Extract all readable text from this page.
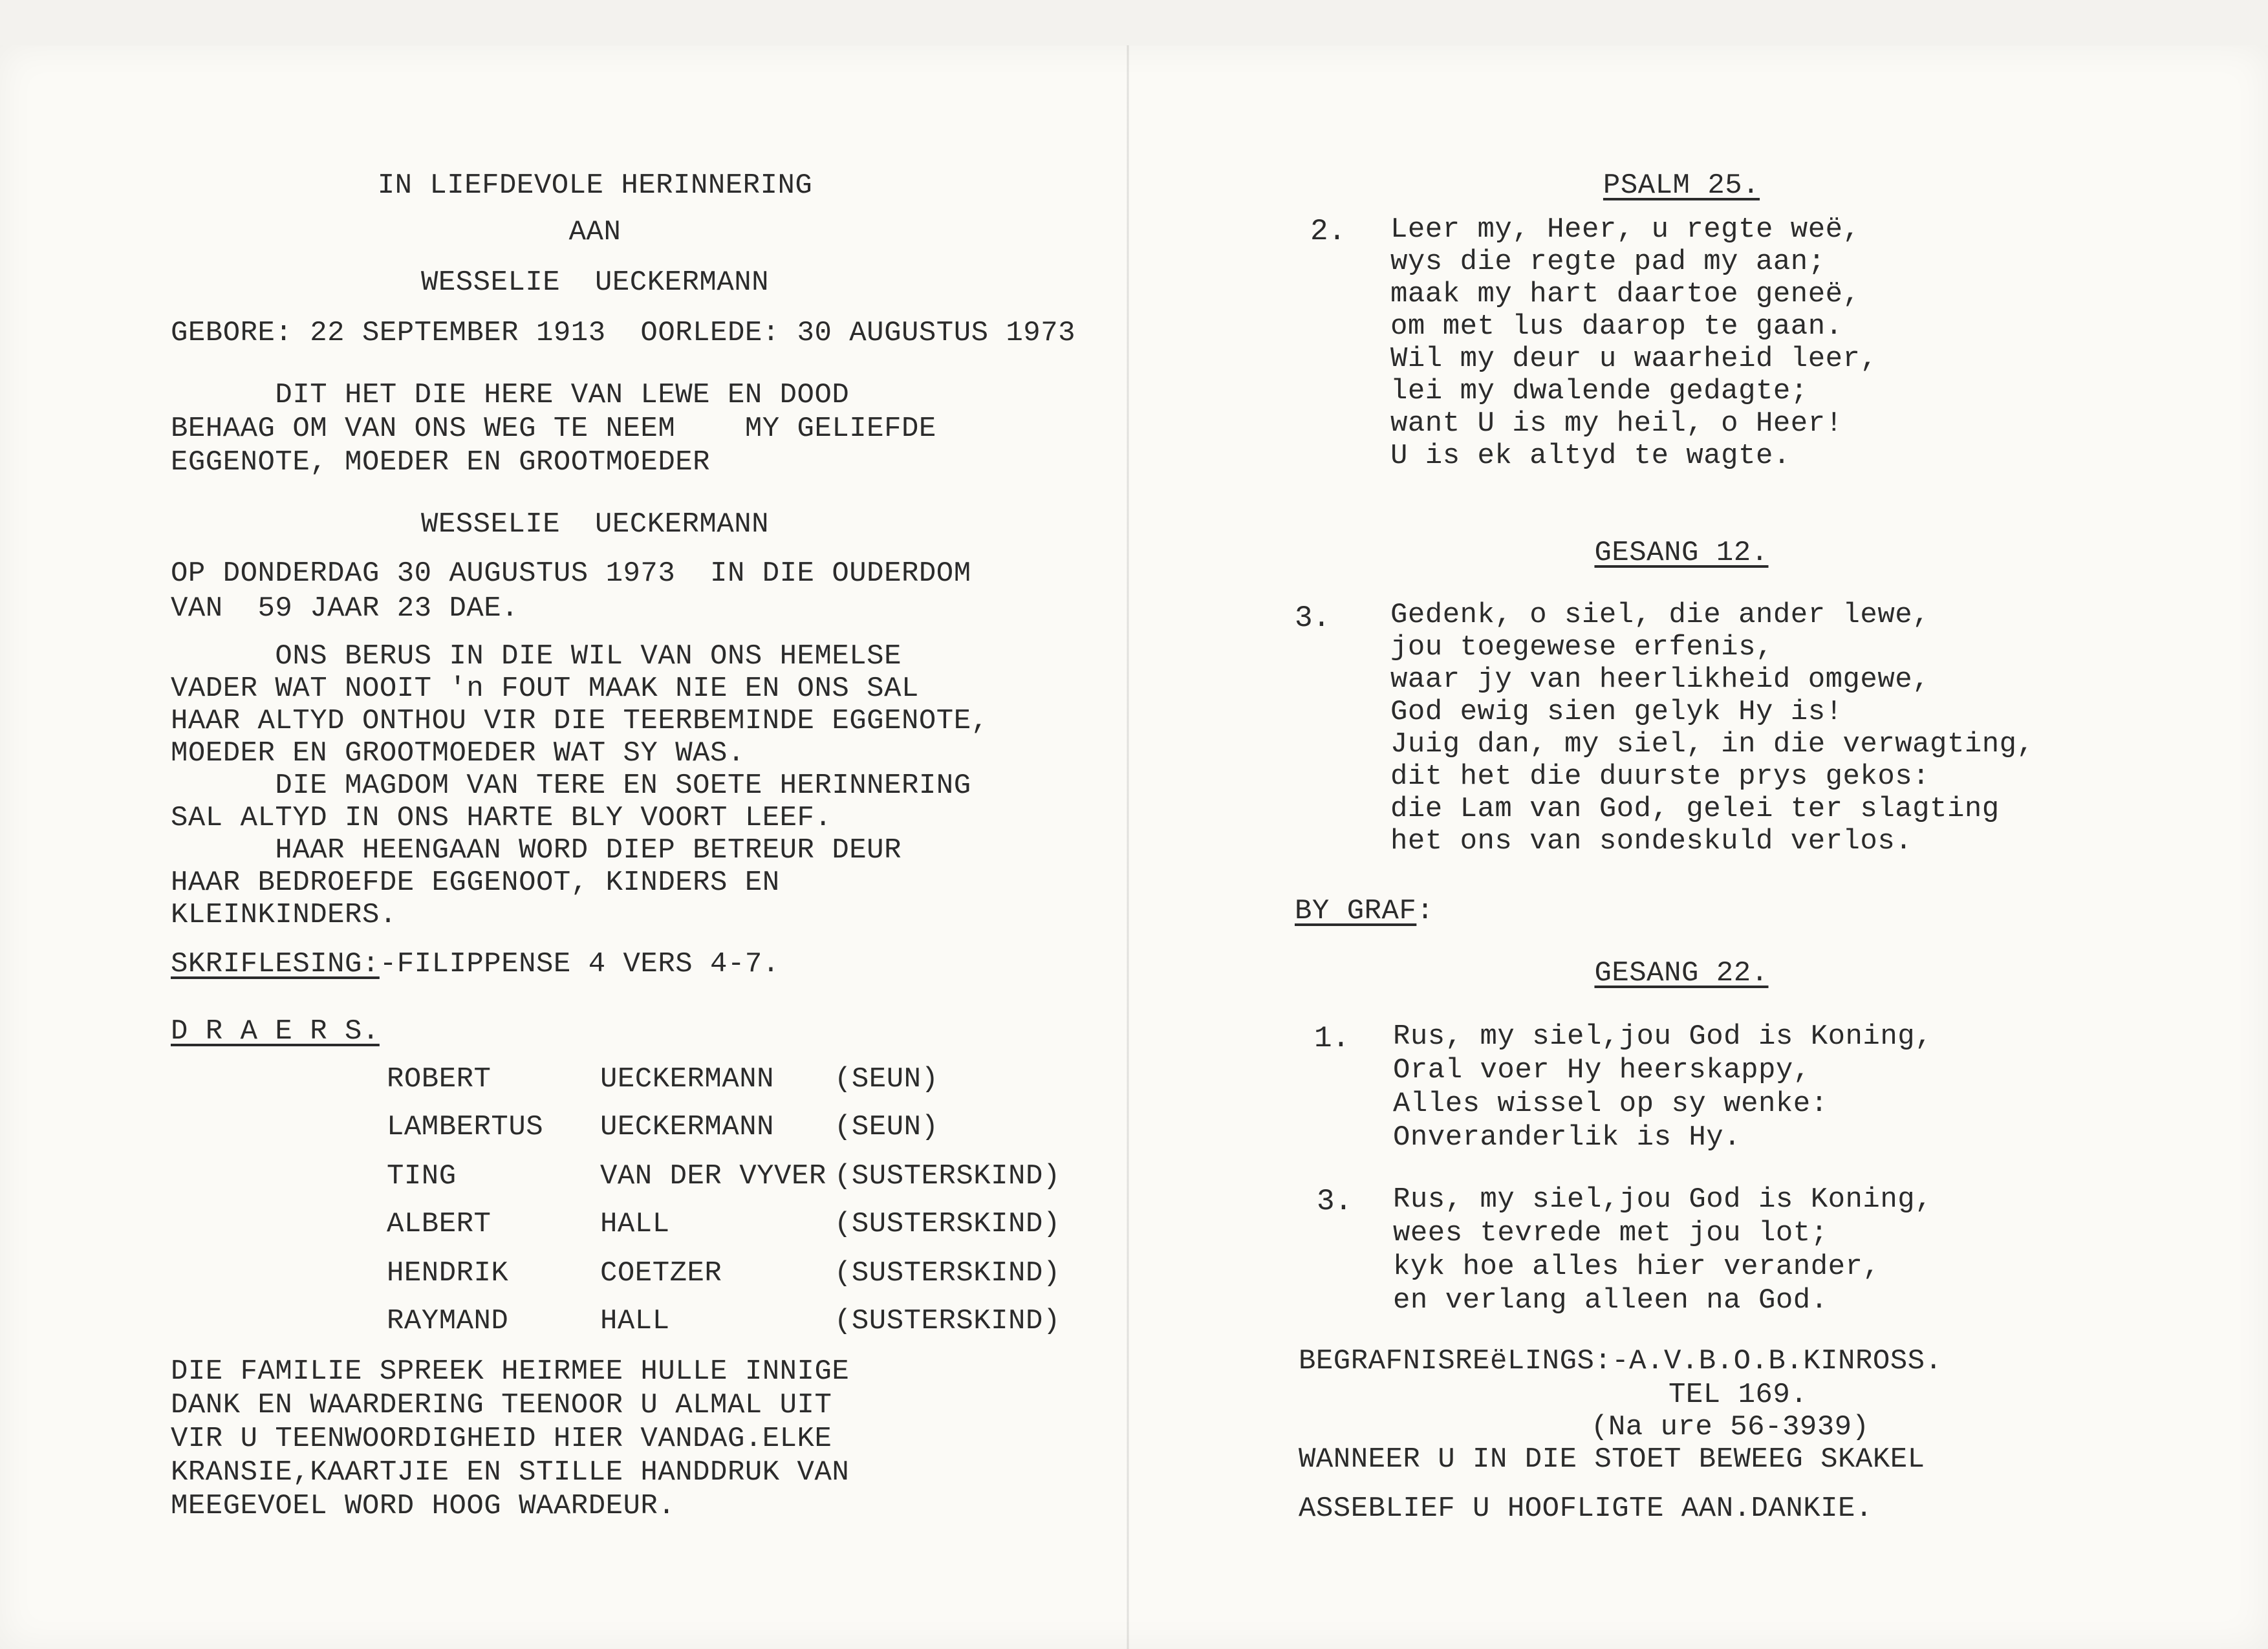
IN LIEFDEVOLE HERINNERING
AAN
WESSELIE  UECKERMANN
GEBORE: 22 SEPTEMBER 1913  OORLEDE: 30 AUGUSTUS 1973
DIT HET DIE HERE VAN LEWE EN DOOD
BEHAAG OM VAN ONS WEG TE NEEM    MY GELIEFDE
EGGENOTE, MOEDER EN GROOTMOEDER
WESSELIE  UECKERMANN
OP DONDERDAG 30 AUGUSTUS 1973  IN DIE OUDERDOM
VAN  59 JAAR 23 DAE.
ONS BERUS IN DIE WIL VAN ONS HEMELSE
VADER WAT NOOIT 'n FOUT MAAK NIE EN ONS SAL
HAAR ALTYD ONTHOU VIR DIE TEERBEMINDE EGGENOTE,
MOEDER EN GROOTMOEDER WAT SY WAS.
DIE MAGDOM VAN TERE EN SOETE HERINNERING
SAL ALTYD IN ONS HARTE BLY VOORT LEEF.
HAAR HEENGAAN WORD DIEP BETREUR DEUR
HAAR BEDROEFDE EGGENOOT, KINDERS EN
KLEINKINDERS.
SKRIFLESING:-FILIPPENSE 4 VERS 4-7.
D R A E R S.
ROBERT	UECKERMANN (SEUN)
LAMBERTUS UECKERMANN (SEUN)
TING	VAN DER VYVER (SUSTERSKIND)
ALBERT	HALL	(SUSTERSKIND)
HENDRIK	COETZER	(SUSTERSKIND)
RAYMAND	HALL	(SUSTERSKIND)
DIE FAMILIE SPREEK HEIRMEE HULLE INNIGE
DANK EN WAARDERING TEENOOR U ALMAL UIT
VIR U TEENWOORDIGHEID HIER VANDAG.ELKE
KRANSIE,KAARTJIE EN STILLE HANDDRUK VAN
MEEGEVOEL WORD HOOG WAARDEUR.
PSALM 25.
2. Leer my, Heer, u regte weë,
wys die regte pad my aan;
maak my hart daartoe geneë,
om met lus daarop te gaan.
Wil my deur u waarheid leer,
lei my dwalende gedagte;
want U is my heil, o Heer!
U is ek altyd te wagte.
GESANG 12.
3. Gedenk, o siel, die ander lewe,
jou toegewese erfenis,
waar jy van heerlikheid omgewe,
God ewig sien gelyk Hy is!
Juig dan, my siel, in die verwagting,
dit het die duurste prys gekos:
die Lam van God, gelei ter slagting
het ons van sondeskuld verlos.
BY GRAF:
GESANG 22.
1. Rus, my siel,jou God is Koning,
Oral voer Hy heerskappy,
Alles wissel op sy wenke:
Onveranderlik is Hy.
3. Rus, my siel,jou God is Koning,
wees tevrede met jou lot;
kyk hoe alles hier verander,
en verlang alleen na God.
BEGRAFNISREëLINGS:-A.V.B.O.B.KINROSS.
TEL 169.
(Na ure 56-3939)
WANNEER U IN DIE STOET BEWEEG SKAKEL
ASSEBLIEF U HOOFLIGTE AAN.DANKIE.
